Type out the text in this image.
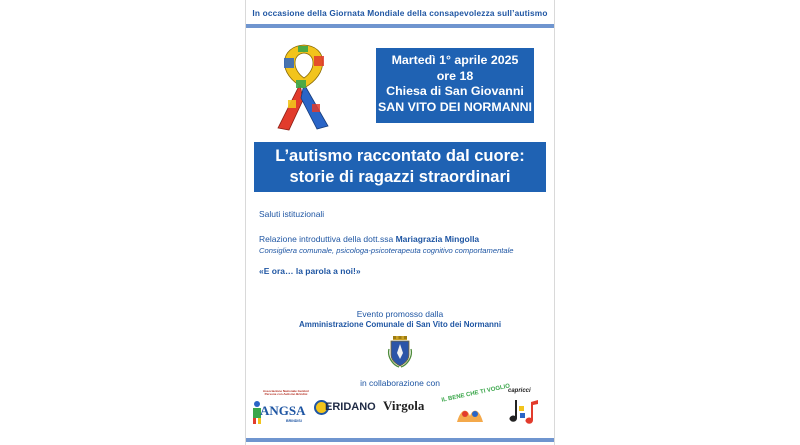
In occasione della Giornata Mondiale della consapevolezza sull’autismo
Martedì 1° aprile 2025
ore 18
Chiesa di San Giovanni
SAN VITO DEI NORMANNI
L’autismo raccontato dal cuore:
storie di ragazzi straordinari
Saluti istituzionali
Relazione introduttiva della dott.ssa Mariagrazia Mingolla
Consigliera comunale, psicologa-psicoterapeuta cognitivo comportamentale
«E ora… la parola a noi!»
Evento promosso dalla
Amministrazione Comunale di San Vito dei Normanni
in collaborazione con
Associazione Nazionale Genitori Persone con Autismo Brindisi
ANGSA
BRINDISI
ERIDANO Virgola
IL BENE CHE TI VOGLIO
capricci
